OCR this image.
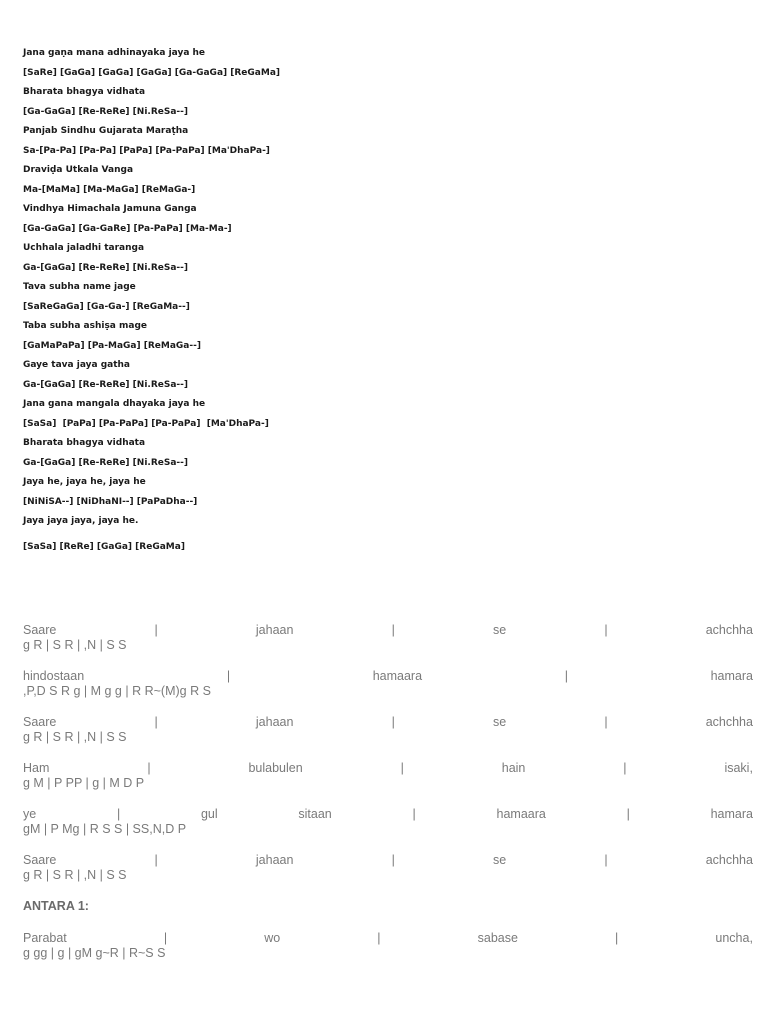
Jana gaṇa mana adhinayaka jaya he
[SaRe] [GaGa] [GaGa] [GaGa] [Ga-GaGa] [ReGaMa]
Bharata bhagya vidhata
[Ga-GaGa] [Re-ReRe] [Ni.ReSa--]
Panjab Sindhu Gujarata Maraṭha
Sa-[Pa-Pa] [Pa-Pa] [PaPa] [Pa-PaPa] [Ma'DhaPa-]
Draviḍa Utkala Vanga
Ma-[MaMa] [Ma-MaGa] [ReMaGa-]
Vindhya Himachala Jamuna Ganga
[Ga-GaGa] [Ga-GaRe] [Pa-PaPa] [Ma-Ma-]
Uchhala jaladhi taranga
Ga-[GaGa] [Re-ReRe] [Ni.ReSa--]
Tava subha name jage
[SaReGaGa] [Ga-Ga-] [ReGaMa--]
Taba subha ashiṣa mage
[GaMaPaPa] [Pa-MaGa] [ReMaGa--]
Gaye tava jaya gatha
Ga-[GaGa] [Re-ReRe] [Ni.ReSa--]
Jana gana mangala dhayaka jaya he
[SaSa]  [PaPa] [Pa-PaPa] [Pa-PaPa]  [Ma'DhaPa-]
Bharata bhagya vidhata
Ga-[GaGa] [Re-ReRe] [Ni.ReSa--]
Jaya he, jaya he, jaya he
[NiNiSA--] [NiDhaNI--] [PaPaDha--]
Jaya jaya jaya, jaya he.
[SaSa] [ReRe] [GaGa] [ReGaMa]
Saare	|	jahaan	|	se	|	achchha
g R | S R | ,N | S S
hindostaan	|	hamaara	|	hamara
,P,D S R g | M g g | R R~(M)g R S
Saare	|	jahaan	|	se	|	achchha
g R | S R | ,N | S S
Ham	|	bulabulen	|	hain	|	isaki,
g M | P PP | g | M D P
ye	|	gul	sitaan	|	hamaara	|	hamara
gM | P Mg | R S S | SS,N,D P
Saare	|	jahaan	|	se	|	achchha
g R | S R | ,N | S S
ANTARA 1:
Parabat	|	wo	|	sabase	|	uncha,
g gg | g | gM g~R | R~S S
